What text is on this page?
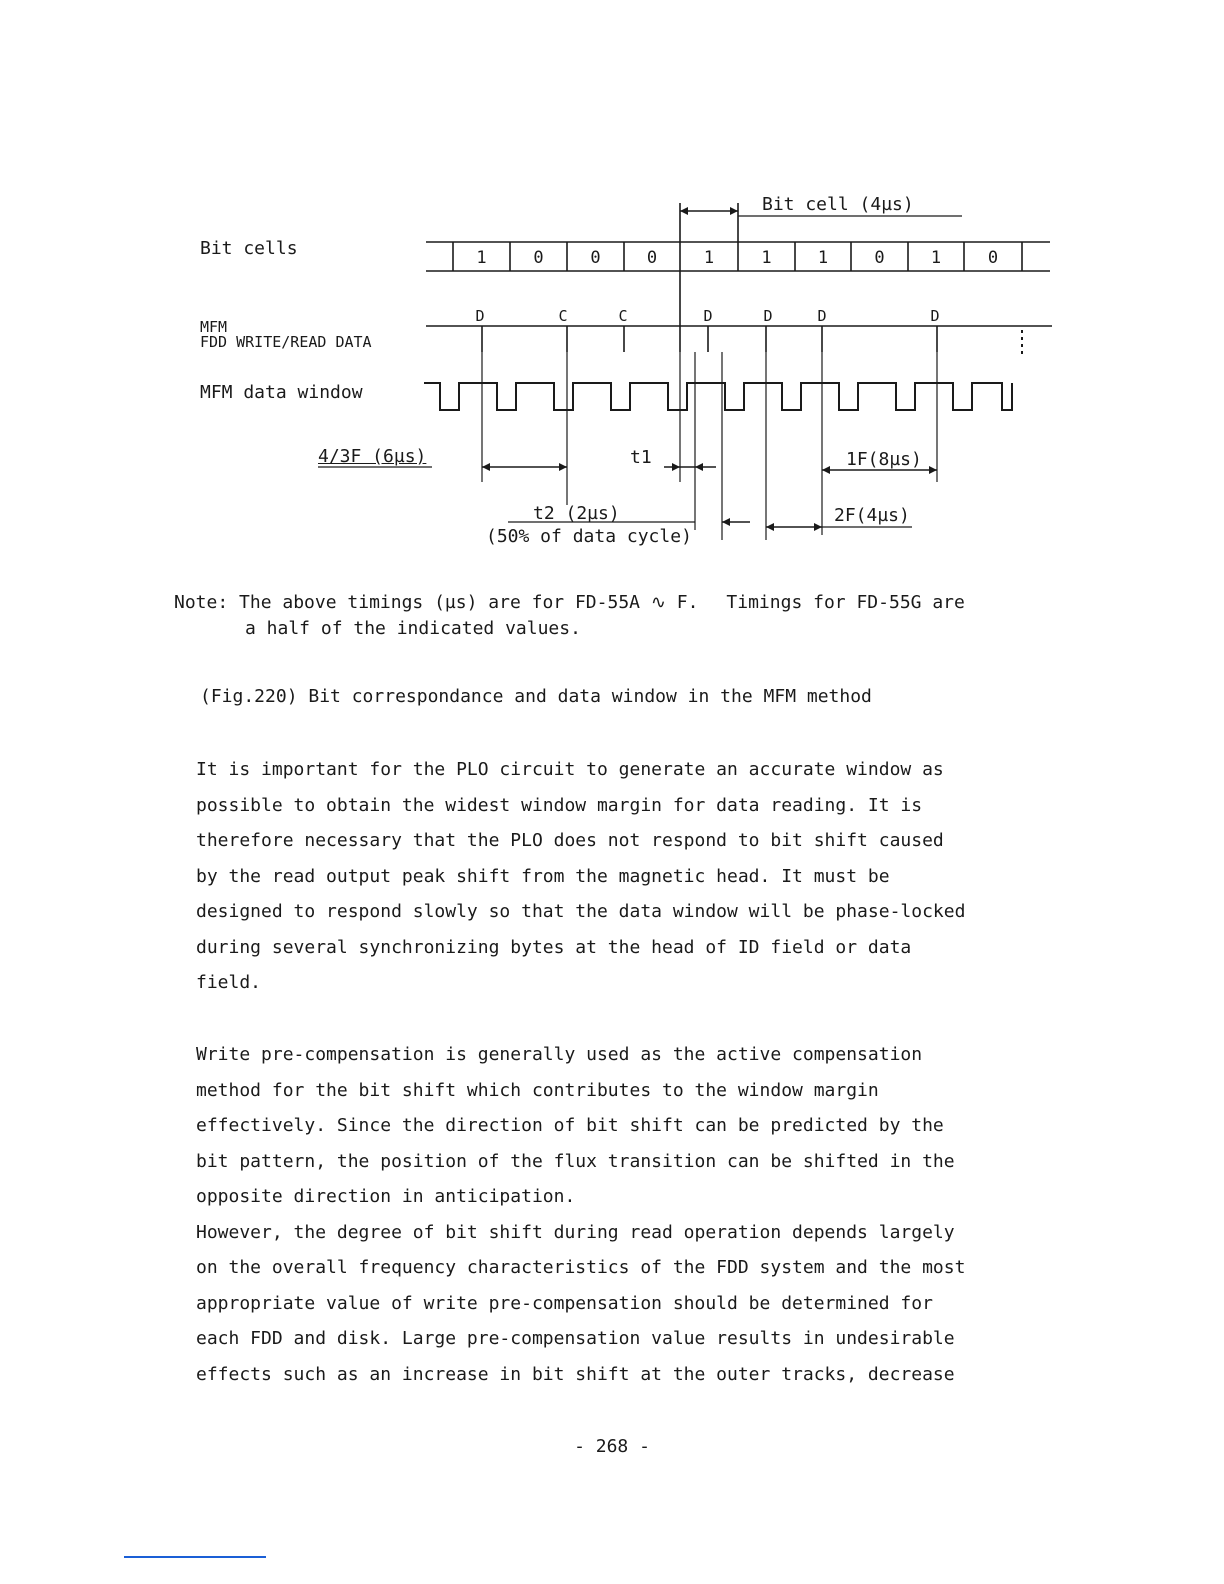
1	0	0	0	1	1	1	0	1	0
D	C	C	D	D	D	D
Bit cell (4µs)
Bit cells
MFM
FDD WRITE/READ DATA
MFM data window
4/3F (6µs)	t1	1F(8µs)
t2 (2µs)
(50% of data cycle)
2F(4µs)
Note: The above timings (µs) are for FD-55A ∿ F. Timings for FD-55G are
a half of the indicated values.
(Fig.220) Bit correspondance and data window in the MFM method
It is important for the PLO circuit to generate an accurate window as
possible to obtain the widest window margin for data reading. It is
therefore necessary that the PLO does not respond to bit shift caused
by the read output peak shift from the magnetic head. It must be
designed to respond slowly so that the data window will be phase-locked
during several synchronizing bytes at the head of ID field or data
field.
Write pre-compensation is generally used as the active compensation
method for the bit shift which contributes to the window margin
effectively. Since the direction of bit shift can be predicted by the
bit pattern, the position of the flux transition can be shifted in the
opposite direction in anticipation.
However, the degree of bit shift during read operation depends largely
on the overall frequency characteristics of the FDD system and the most
appropriate value of write pre-compensation should be determined for
each FDD and disk. Large pre-compensation value results in undesirable
effects such as an increase in bit shift at the outer tracks, decrease
- 268 -
